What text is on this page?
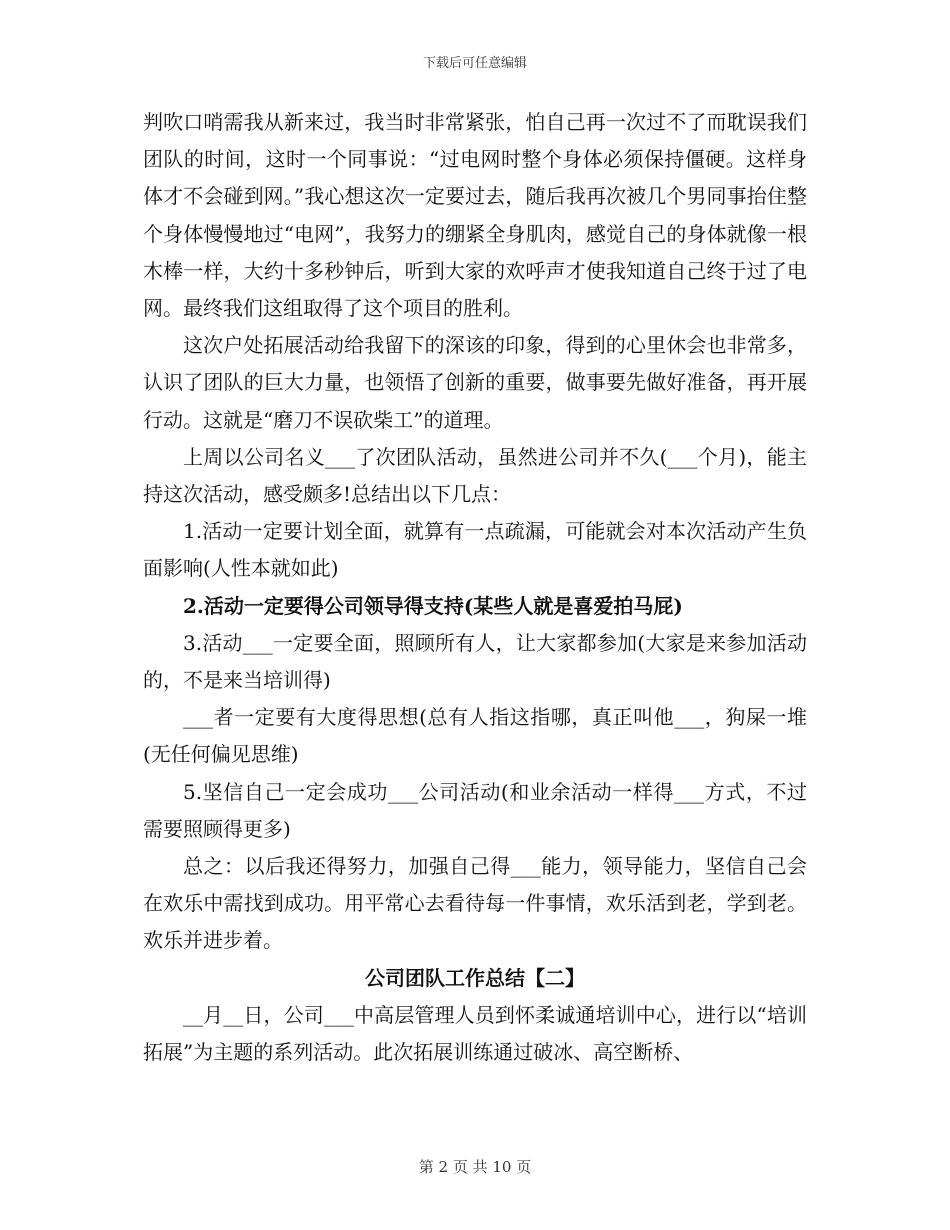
下载后可任意编辑

判吹口哨需我从新来过，我当时非常紧张，怕自己再一次过不了而耽误我们团队的时间，这时一个同事说：“过电网时整个身体必须保持僵硬。这样身体才不会碰到网。”我心想这次一定要过去，随后我再次被几个男同事抬住整个身体慢慢地过“电网”，我努力的绷紧全身肌肉，感觉自己的身体就像一根木棒一样，大约十多秒钟后，听到大家的欢呼声才使我知道自己终于过了电网。最终我们这组取得了这个项目的胜利。

这次户处拓展活动给我留下的深该的印象，得到的心里休会也非常多，认识了团队的巨大力量，也领悟了创新的重要，做事要先做好准备，再开展行动。这就是“磨刀不误砍柴工”的道理。

上周以公司名义___了次团队活动，虽然进公司并不久(___个月)，能主持这次活动，感受颇多!总结出以下几点：

1.活动一定要计划全面，就算有一点疏漏，可能就会对本次活动产生负面影响(人性本就如此)

2.活动一定要得公司领导得支持(某些人就是喜爱拍马屁)

3.活动___一定要全面，照顾所有人，让大家都参加(大家是来参加活动的，不是来当培训得)

___者一定要有大度得思想(总有人指这指哪，真正叫他___，狗屎一堆(无任何偏见思维)

5.坚信自己一定会成功___公司活动(和业余活动一样得___方式，不过需要照顾得更多)

总之：以后我还得努力，加强自己得___能力，领导能力，坚信自己会在欢乐中需找到成功。用平常心去看待每一件事情，欢乐活到老，学到老。欢乐并进步着。

公司团队工作总结【二】

__月__日，公司___中高层管理人员到怀柔诚通培训中心，进行以“培训拓展”为主题的系列活动。此次拓展训练通过破冰、高空断桥、

第 2 页 共 10 页
